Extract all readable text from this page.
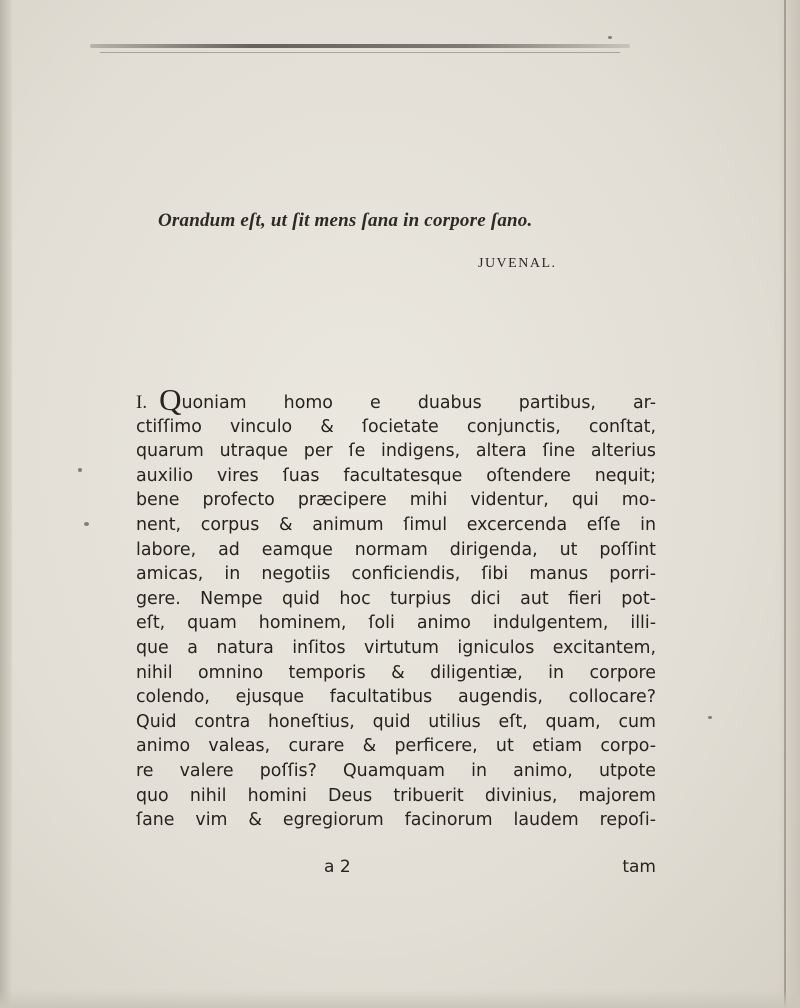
Orandum eſt, ut ſit mens ſana in corpore ſano.
JUVENAL.
I. Quoniam homo e duabus partibus, ar-
ctiſſimo vinculo & ſocietate conjunctis, conſtat,
quarum utraque per ſe indigens, altera ſine alterius
auxilio vires ſuas facultatesque oſtendere nequit;
bene profecto præcipere mihi videntur, qui mo-
nent, corpus & animum ſimul excercenda eſſe in
labore, ad eamque normam dirigenda, ut poſſint
amicas, in negotiis conficiendis, ſibi manus porri-
gere. Nempe quid hoc turpius dici aut fieri pot-
eſt, quam hominem, ſoli animo indulgentem, illi-
que a natura inſitos virtutum igniculos excitantem,
nihil omnino temporis & diligentiæ, in corpore
colendo, ejusque facultatibus augendis, collocare?
Quid contra honeſtius, quid utilius eſt, quam, cum
animo valeas, curare & perficere, ut etiam corpo-
re valere poſſis? Quamquam in animo, utpote
quo nihil homini Deus tribuerit divinius, majorem
ſane vim & egregiorum facinorum laudem repoſi-
a 2	tam
